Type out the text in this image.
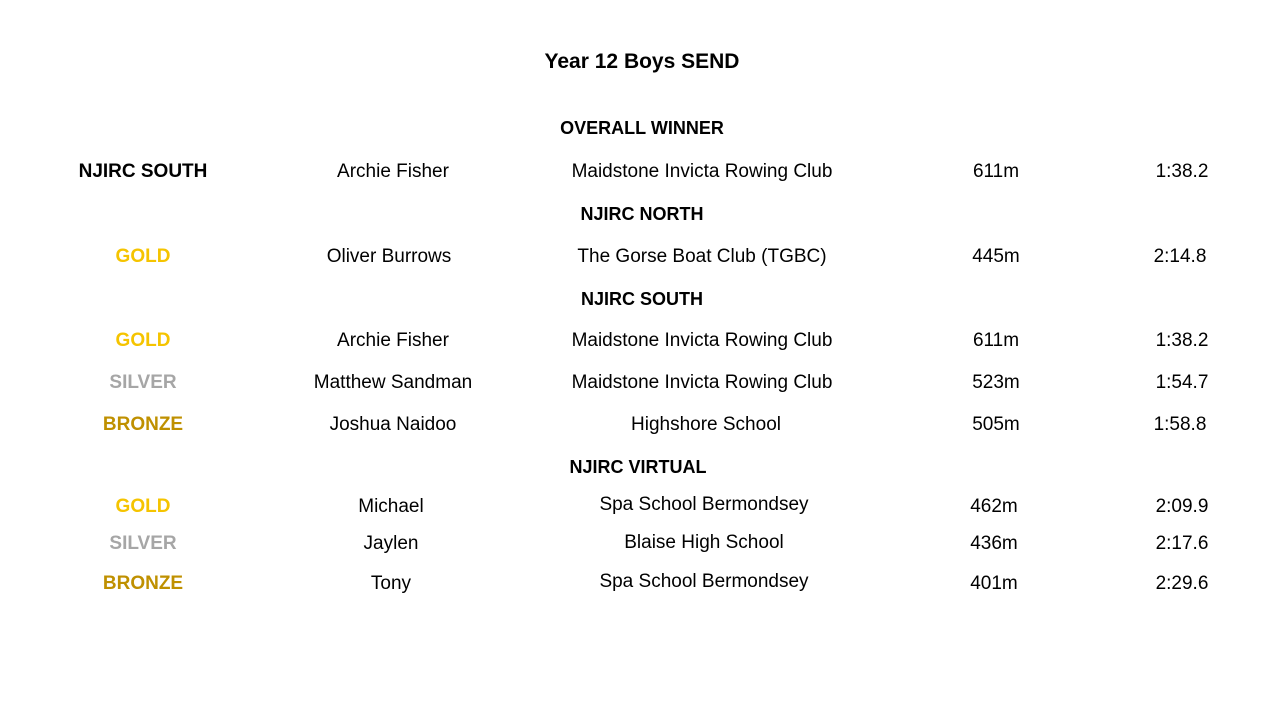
Year 12 Boys SEND
OVERALL WINNER
NJIRC SOUTH	Archie Fisher	Maidstone Invicta Rowing Club	611m	1:38.2
NJIRC NORTH
GOLD	Oliver Burrows	The Gorse Boat Club (TGBC)	445m	2:14.8
NJIRC SOUTH
GOLD	Archie Fisher	Maidstone Invicta Rowing Club	611m	1:38.2
SILVER	Matthew Sandman	Maidstone Invicta Rowing Club	523m	1:54.7
BRONZE	Joshua Naidoo	Highshore School	505m	1:58.8
NJIRC VIRTUAL
GOLD	Michael	Spa School Bermondsey	462m	2:09.9
SILVER	Jaylen	Blaise High School	436m	2:17.6
BRONZE	Tony	Spa School Bermondsey	401m	2:29.6
